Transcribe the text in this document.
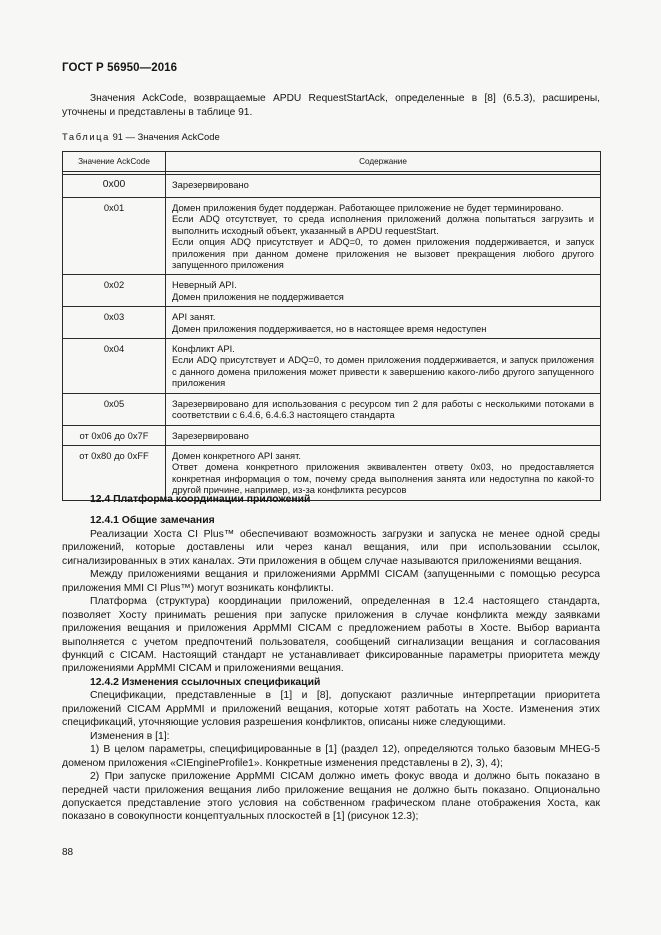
ГОСТ Р 56950—2016

Значения AckCode, возвращаемые APDU RequestStartAck, определенные в [8] (6.5.3), расширены, уточнены и представлены в таблице 91.

Таблица 91 — Значения AckCode
Значение AckCode	Содержание

0x00	Зарезервировано

0x01	Домен приложения будет поддержан. Работающее приложение не будет терминировано.
Если ADQ отсутствует, то среда исполнения приложений должна попытаться загрузить и выполнить исходный объект, указанный в APDU requestStart.
Если опция ADQ присутствует и ADQ=0, то домен приложения поддерживается, и запуск приложения при данном домене приложения не вызовет прекращения любого другого запущенного приложения

0x02	Неверный API.
Домен приложения не поддерживается

0x03	API занят.
Домен приложения поддерживается, но в настоящее время недоступен

0x04	Конфликт API.
Если ADQ присутствует и ADQ=0, то домен приложения поддерживается, и запуск приложения с данного домена приложения может привести к завершению какого-либо другого запущенного приложения

0x05	Зарезервировано для использования с ресурсом тип 2 для работы с несколькими потоками в соответствии с 6.4.6, 6.4.6.3 настоящего стандарта

от 0x06 до 0x7F	Зарезервировано

от 0x80 до 0xFF	Домен конкретного API занят.
Ответ домена конкретного приложения эквивалентен ответу 0x03, но предоставляется конкретная информация о том, почему среда выполнения занята или недоступна по какой-то другой причине, например, из-за конфликта ресурсов

12.4 Платформа координации приложений

12.4.1 Общие замечания

Реализации Хоста CI Plus™ обеспечивают возможность загрузки и запуска не менее одной среды приложений, которые доставлены или через канал вещания, или при использовании ссылок, сигнализированных в этих каналах. Эти приложения в общем случае называются приложениями вещания.

Между приложениями вещания и приложениями AppMMI CICAM (запущенными с помощью ресурса приложения MMI CI Plus™) могут возникать конфликты.

Платформа (структура) координации приложений, определенная в 12.4 настоящего стандарта, позволяет Хосту принимать решения при запуске приложения в случае конфликта между заявками приложения вещания и приложения AppMMI CICAM с предложением работы в Хосте. Выбор варианта выполняется с учетом предпочтений пользователя, сообщений сигнализации вещания и согласования функций с CICAM. Настоящий стандарт не устанавливает фиксированные параметры приоритета между приложениями AppMMI CICAM и приложениями вещания.

12.4.2 Изменения ссылочных спецификаций

Спецификации, представленные в [1] и [8], допускают различные интерпретации приоритета приложений CICAM AppMMI и приложений вещания, которые хотят работать на Хосте. Изменения этих спецификаций, уточняющие условия разрешения конфликтов, описаны ниже следующими.

Изменения в [1]:

1) В целом параметры, специфицированные в [1] (раздел 12), определяются только базовым MHEG-5 доменом приложения «CIEngineProfile1». Конкретные изменения представлены в 2), 3), 4);

2) При запуске приложение AppMMI CICAM должно иметь фокус ввода и должно быть показано в передней части приложения вещания либо приложение вещания не должно быть показано. Опционально допускается представление этого условия на собственном графическом плане отображения Хоста, как показано в совокупности концептуальных плоскостей в [1] (рисунок 12.3);

88
